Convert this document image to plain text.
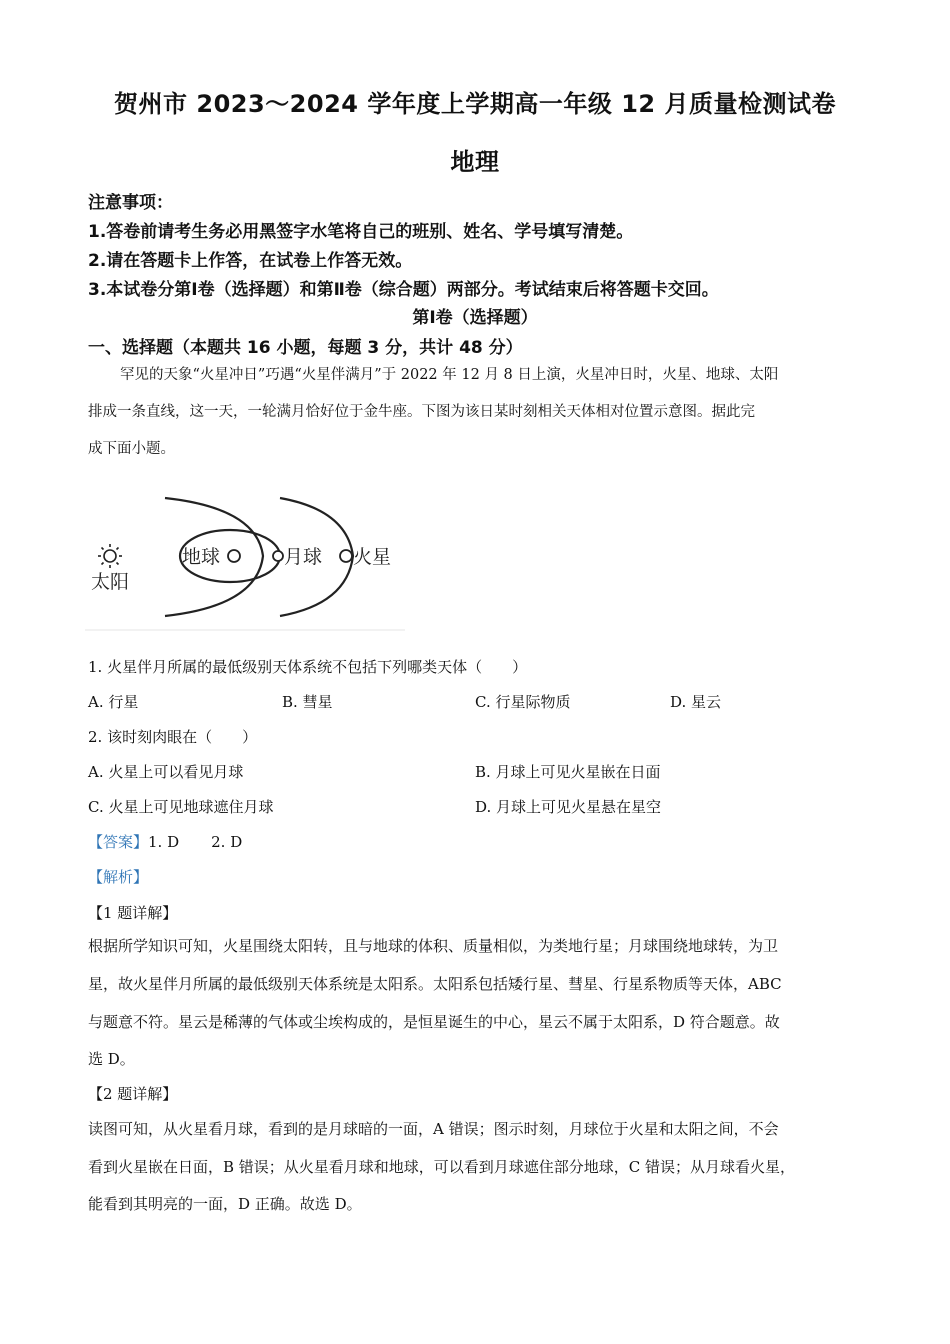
贺州市 2023～2024 学年度上学期高一年级 12 月质量检测试卷
地理
注意事项：
1.答卷前请考生务必用黑签字水笔将自己的班别、姓名、学号填写清楚。
2.请在答题卡上作答，在试卷上作答无效。
3.本试卷分第Ⅰ卷（选择题）和第Ⅱ卷（综合题）两部分。考试结束后将答题卡交回。
第Ⅰ卷（选择题）
一、选择题（本题共 16 小题，每题 3 分，共计 48 分）
罕见的天象“火星冲日”巧遇“火星伴满月”于 2022 年 12 月 8 日上演，火星冲日时，火星、地球、太阳
排成一条直线，这一天，一轮满月恰好位于金牛座。下图为该日某时刻相关天体相对位置示意图。据此完
成下面小题。
太阳
地球	月球 火星
1. 火星伴月所属的最低级别天体系统不包括下列哪类天体（　　）
A. 行星	B. 彗星	C. 行星际物质	D. 星云
2. 该时刻肉眼在（　　）
A. 火星上可以看见月球	B. 月球上可见火星嵌在日面
C. 火星上可见地球遮住月球	D. 月球上可见火星悬在星空
【答案】1. D 2. D
【解析】
【1 题详解】
根据所学知识可知，火星围绕太阳转，且与地球的体积、质量相似，为类地行星；月球围绕地球转，为卫
星，故火星伴月所属的最低级别天体系统是太阳系。太阳系包括矮行星、彗星、行星系物质等天体，ABC
与题意不符。星云是稀薄的气体或尘埃构成的，是恒星诞生的中心，星云不属于太阳系，D 符合题意。故
选 D。
【2 题详解】
读图可知，从火星看月球，看到的是月球暗的一面，A 错误；图示时刻，月球位于火星和太阳之间，不会
看到火星嵌在日面，B 错误；从火星看月球和地球，可以看到月球遮住部分地球，C 错误；从月球看火星，
能看到其明亮的一面，D 正确。故选 D。
